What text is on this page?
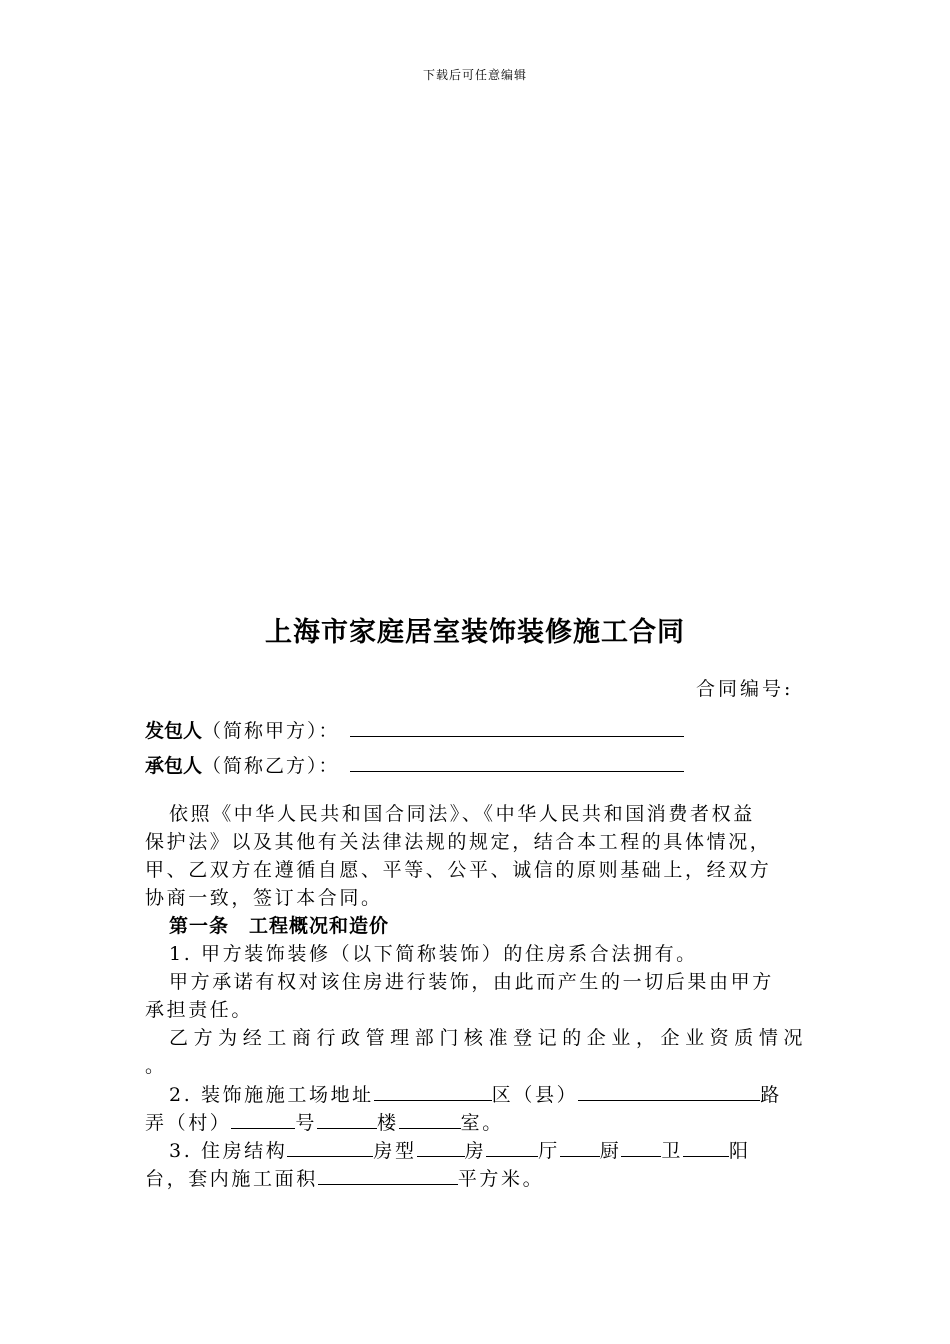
下载后可任意编辑
上海市家庭居室装饰装修施工合同
合同编号:
发包人 （简称甲方）：
承包人 （简称乙方）：
依照《中华人民共和国合同法》、《中华人民共和国消费者权益
保护法》以及其他有关法律法规的规定，结合本工程的具体情况，
甲、乙双方在遵循自愿、平等、公平、诚信的原则基础上，经双方
协商一致，签订本合同。
第一条　工程概况和造价
1. 甲方装饰装修（以下简称装饰）的住房系合法拥有。
甲方承诺有权对该住房进行装饰，由此而产生的一切后果由甲方
承担责任。
乙方为经工商行政管理部门核准登记的企业，企业资质情况
。
2. 装饰施施工场地址	区（县）	路
弄（村）	号	楼	室。
3. 住房结构	房型	房	厅 厨 卫 阳
台，套内施工面积	平方米。
